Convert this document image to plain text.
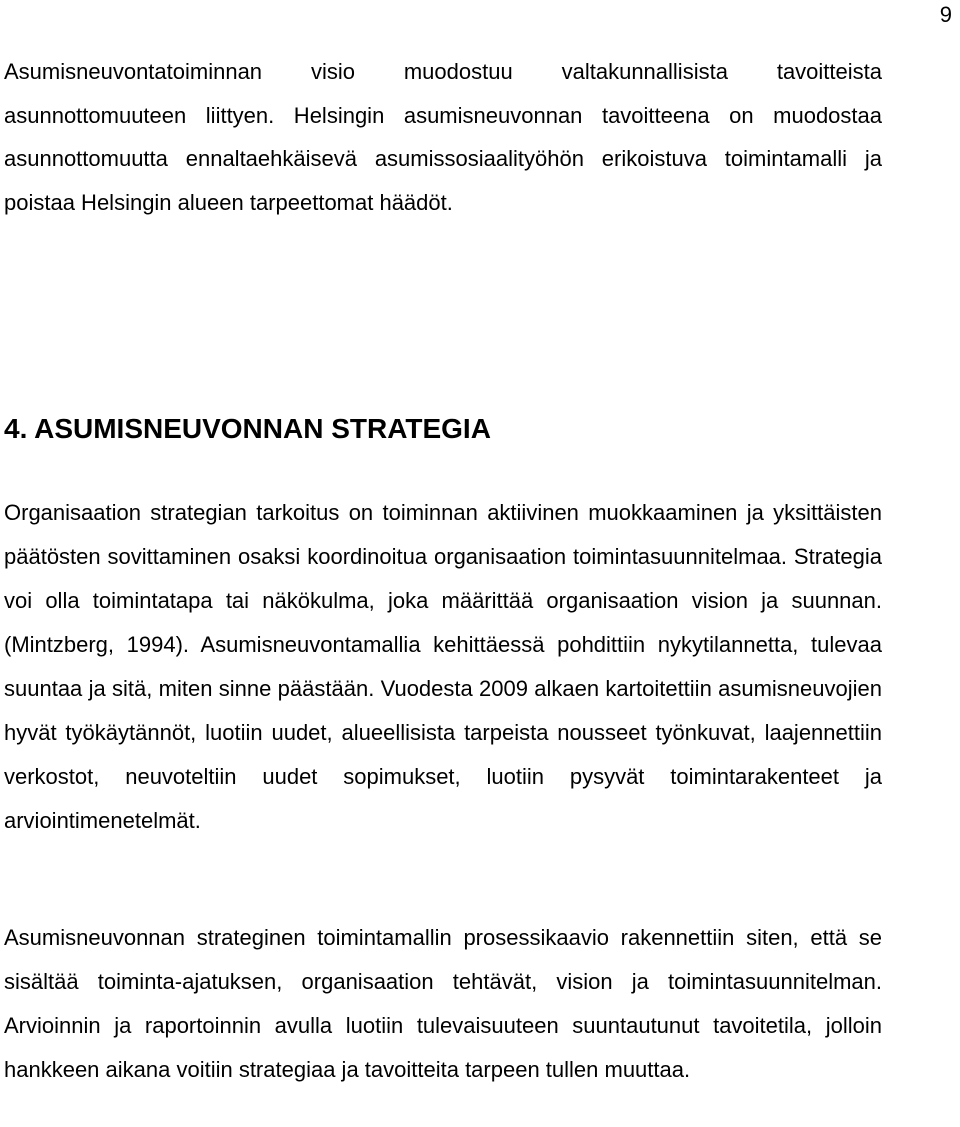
9

Asumisneuvontatoiminnan visio muodostuu valtakunnallisista tavoitteista asunnottomuuteen liittyen. Helsingin asumisneuvonnan tavoitteena on muodostaa asunnottomuutta ennaltaehkäisevä asumissosiaalityöhön erikoistuva toimintamalli ja poistaa Helsingin alueen tarpeettomat häädöt.

4. ASUMISNEUVONNAN STRATEGIA

Organisaation strategian tarkoitus on toiminnan aktiivinen muokkaaminen ja yksittäisten päätösten sovittaminen osaksi koordinoitua organisaation toimintasuunnitelmaa. Strategia voi olla toimintatapa tai näkökulma, joka määrittää organisaation vision ja suunnan. (Mintzberg, 1994). Asumisneuvontamallia kehittäessä pohdittiin nykytilannetta, tulevaa suuntaa ja sitä, miten sinne päästään. Vuodesta 2009 alkaen kartoitettiin asumisneuvojien hyvät työkäytännöt, luotiin uudet, alueellisista tarpeista nousseet työnkuvat, laajennettiin verkostot, neuvoteltiin uudet sopimukset, luotiin pysyvät toimintarakenteet ja arviointimenetelmät.

Asumisneuvonnan strateginen toimintamallin prosessikaavio rakennettiin siten, että se sisältää toiminta-ajatuksen, organisaation tehtävät, vision ja toimintasuunnitelman. Arvioinnin ja raportoinnin avulla luotiin tulevaisuuteen suuntautunut tavoitetila, jolloin hankkeen aikana voitiin strategiaa ja tavoitteita tarpeen tullen muuttaa.
